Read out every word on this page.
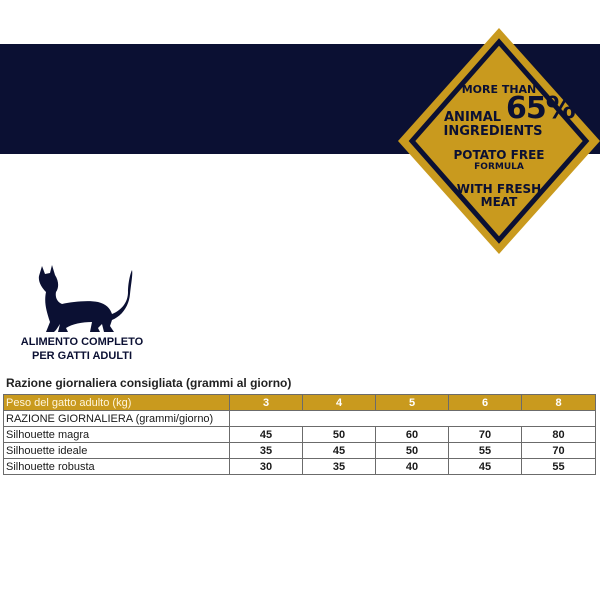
MORE THAN
ANIMAL 65%
INGREDIENTS
POTATO FREE
FORMULA
WITH FRESH
MEAT
ALIMENTO COMPLETO
PER GATTI ADULTI
Razione giornaliera consigliata (grammi al giorno)
Peso del gatto adulto (kg)	3	4	5	6	8
RAZIONE GIORNALIERA (grammi/giorno)					
Silhouette magra	45	50	60	70	80
Silhouette ideale	35	45	50	55	70
Silhouette robusta	30	35	40	45	55
